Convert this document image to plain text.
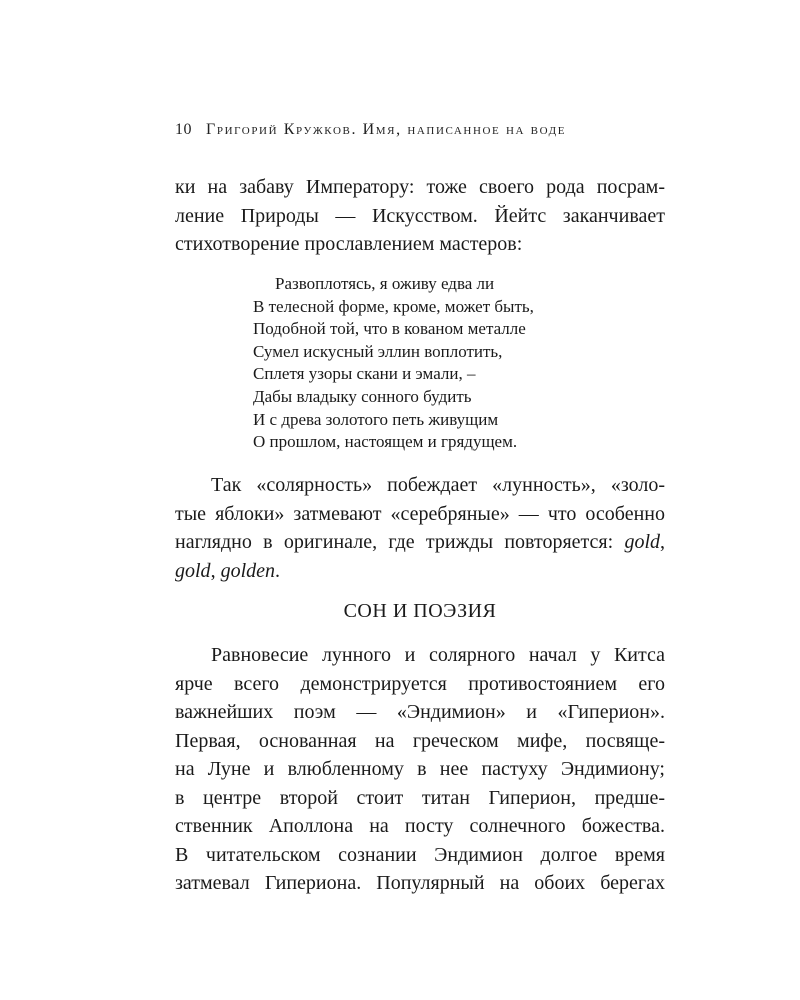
10 Григорий Кружков. Имя, написанное на воде
ки на забаву Императору: тоже своего рода посрам-
ление Природы — Искусством. Йейтс заканчивает
стихотворение прославлением мастеров:
Развоплотясь, я оживу едва ли
В телесной форме, кроме, может быть,
Подобной той, что в кованом металле
Сумел искусный эллин воплотить,
Сплетя узоры скани и эмали, –
Дабы владыку сонного будить
И с древа золотого петь живущим
О прошлом, настоящем и грядущем.
Так «солярность» побеждает «лунность», «золо-
тые яблоки» затмевают «серебряные» — что особенно
наглядно в оригинале, где трижды повторяется: gold,
gold, golden.
СОН И ПОЭЗИЯ
Равновесие лунного и солярного начал у Китса
ярче всего демонстрируется противостоянием его
важнейших поэм — «Эндимион» и «Гиперион».
Первая, основанная на греческом мифе, посвяще-
на Луне и влюбленному в нее пастуху Эндимиону;
в центре второй стоит титан Гиперион, предше-
ственник Аполлона на посту солнечного божества.
В читательском сознании Эндимион долгое время
затмевал Гипериона. Популярный на обоих берегах
